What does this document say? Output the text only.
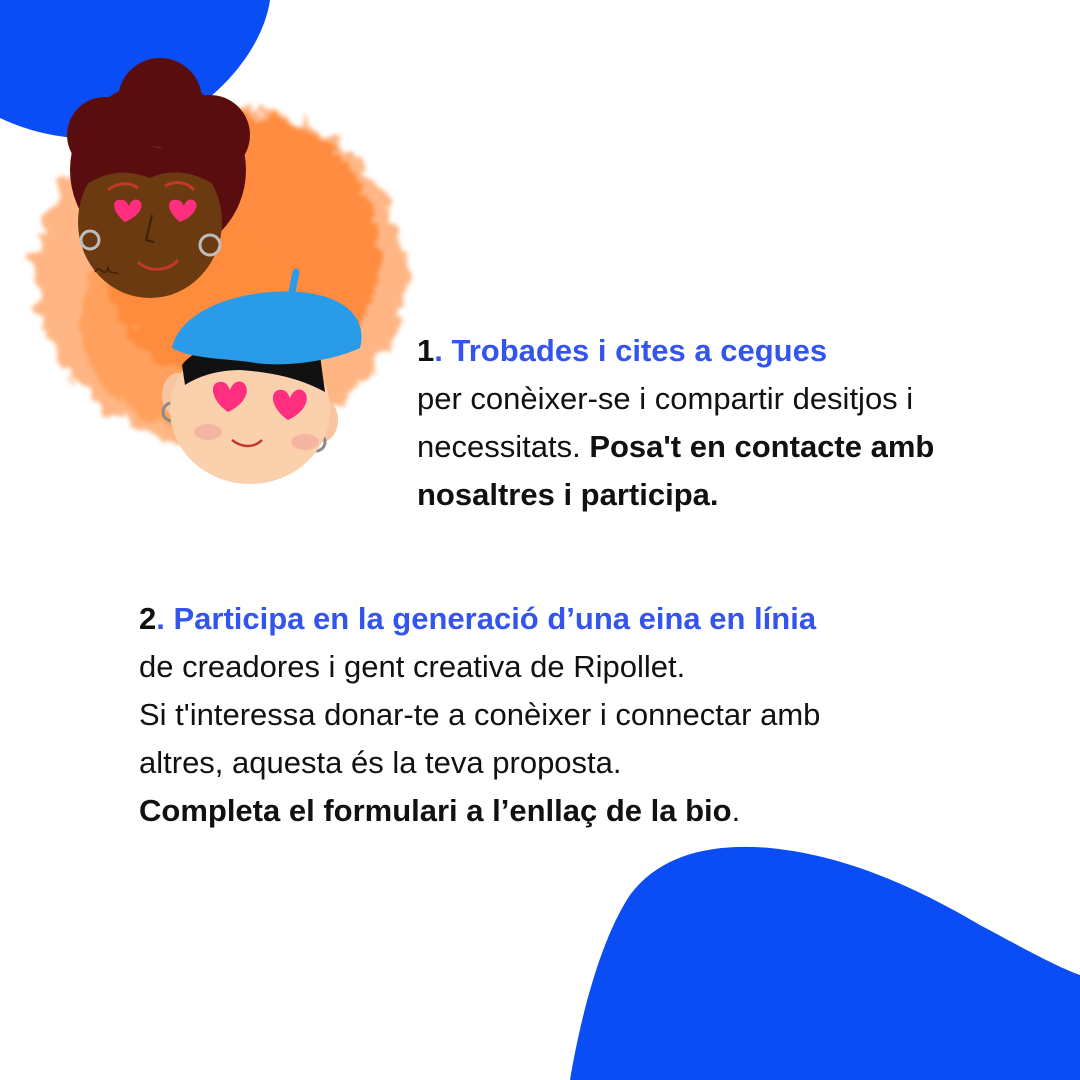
1. Trobades i cites a cegues
per conèixer-se i compartir desitjos i
necessitats. Posa't en contacte amb
nosaltres i participa.
2. Participa en la generació d’una eina en línia
de creadores i gent creativa de Ripollet.
Si t'interessa donar-te a conèixer i connectar amb
altres, aquesta és la teva proposta.
Completa el formulari a l’enllaç de la bio.
